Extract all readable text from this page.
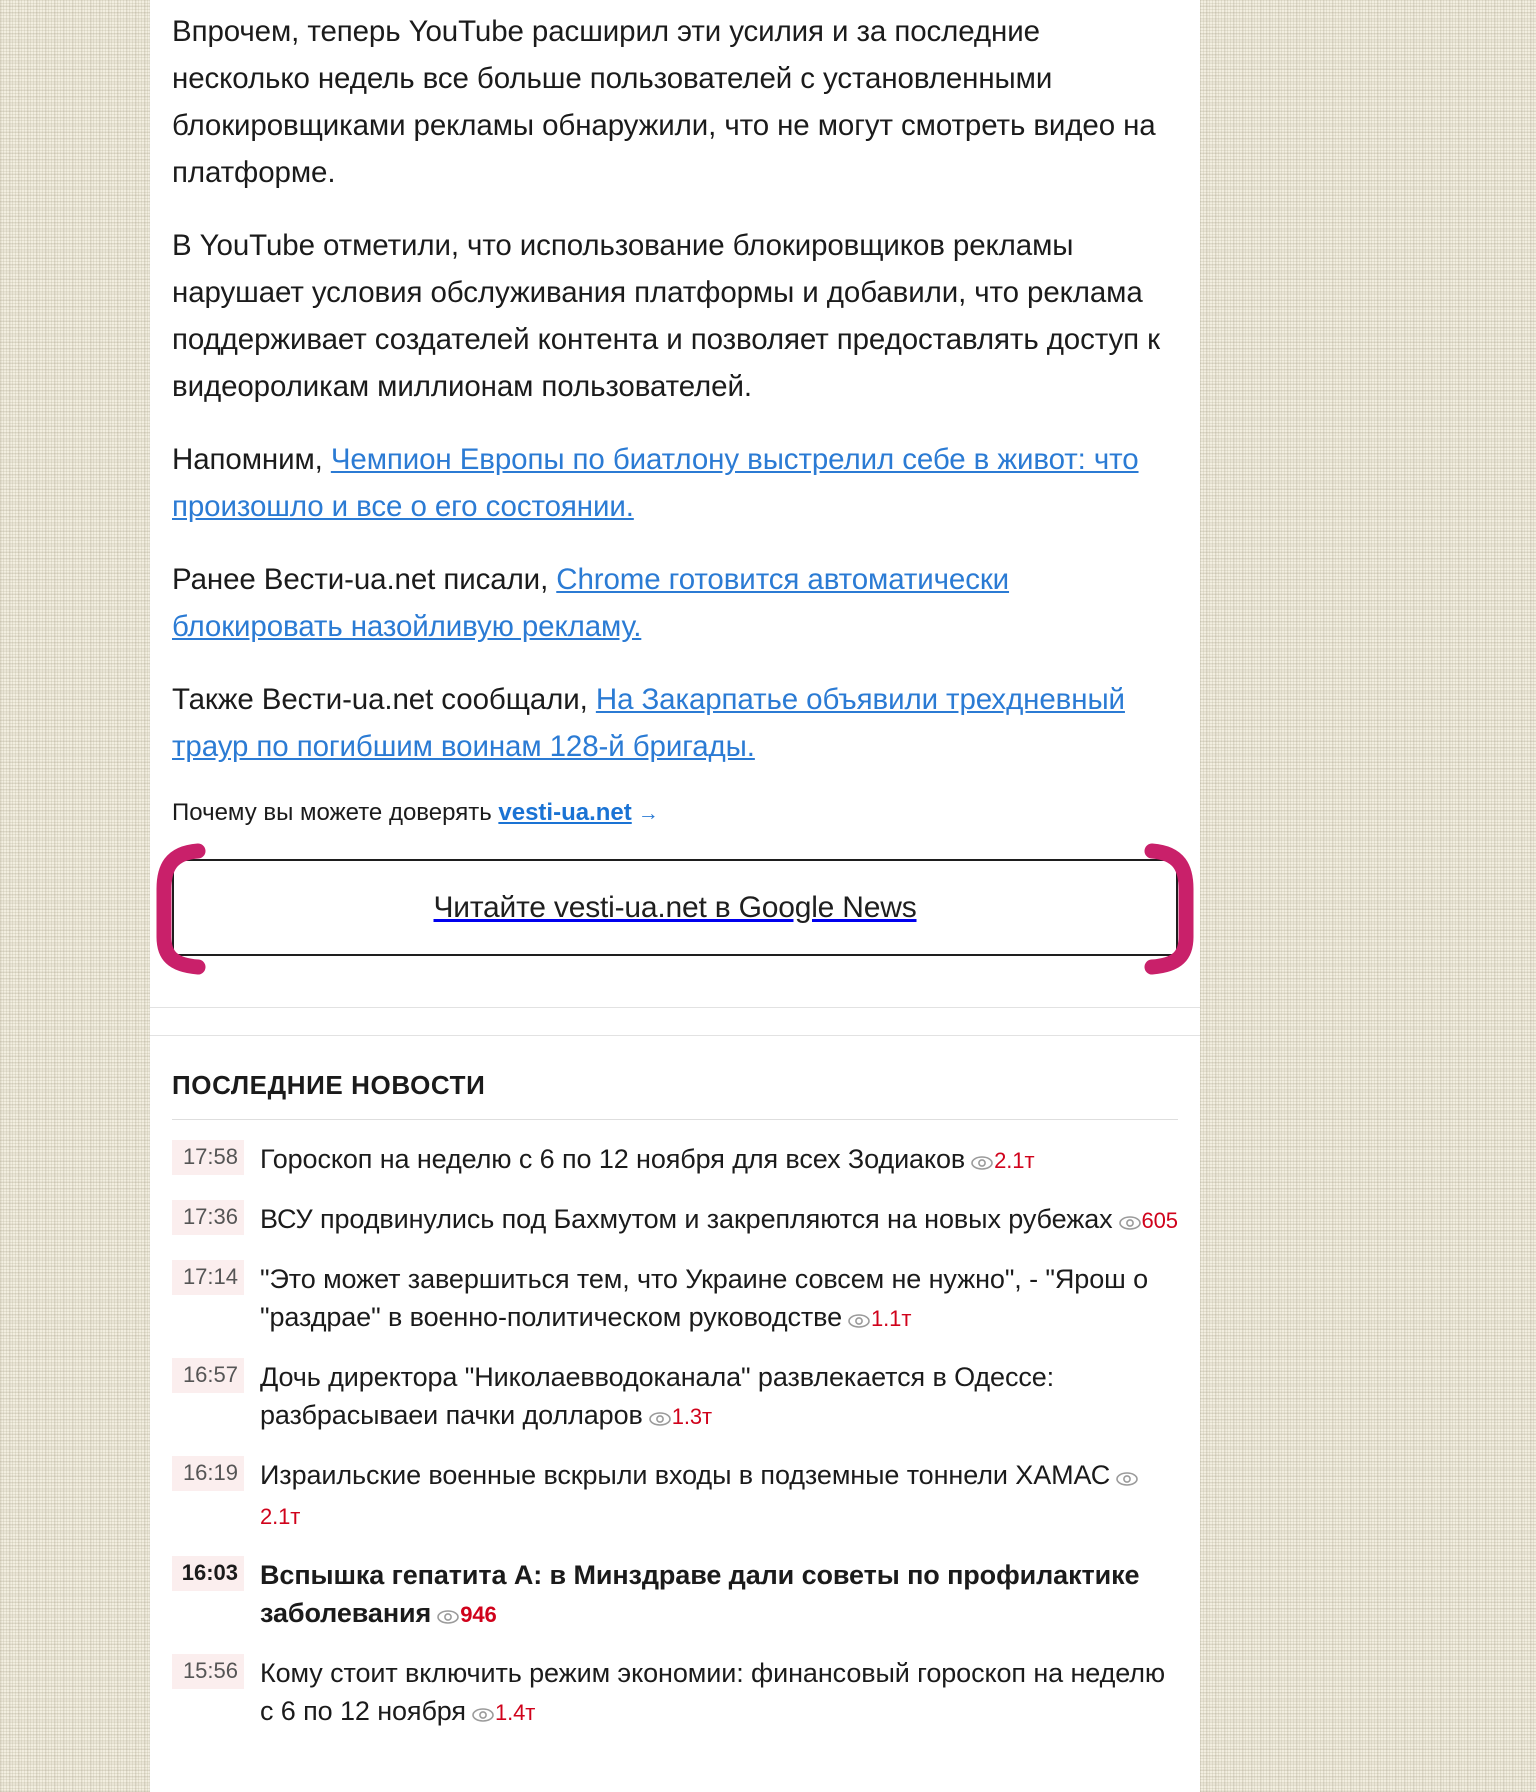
Впрочем, теперь YouTube расширил эти усилия и за последние несколько недель все больше пользователей с установленными блокировщиками рекламы обнаружили, что не могут смотреть видео на платформе.

В YouTube отметили, что использование блокировщиков рекламы нарушает условия обслуживания платформы и добавили, что реклама поддерживает создателей контента и позволяет предоставлять доступ к видеороликам миллионам пользователей.

Напомним, Чемпион Европы по биатлону выстрелил себе в живот: что произошло и все о его состоянии.

Ранее Вести-ua.net писали, Chrome готовится автоматически блокировать назойливую рекламу.

Также Вести-ua.net сообщали, На Закарпатье объявили трехдневный траур по погибшим воинам 128-й бригады.

Почему вы можете доверять vesti-ua.net →

Читайте vesti-ua.net в Google News
ПОСЛЕДНИЕ НОВОСТИ
17:58 Гороскоп на неделю с 6 по 12 ноября для всех Зодиаков 2.1т
17:36 ВСУ продвинулись под Бахмутом и закрепляются на новых рубежах 605
17:14 "Это может завершиться тем, что Украине совсем не нужно", - "Ярош о "раздрае" в военно-политическом руководстве 1.1т
16:57 Дочь директора "Николаевводоканала" развлекается в Одессе: разбрасываеи пачки долларов 1.3т
16:19 Израильские военные вскрыли входы в подземные тоннели ХАМАС2.1т
16:03 Вспышка гепатита А: в Минздраве дали советы по профилактике заболевания 946
15:56 Кому стоит включить режим экономии: финансовый гороскоп на неделю с 6 по 12 ноября 1.4т
